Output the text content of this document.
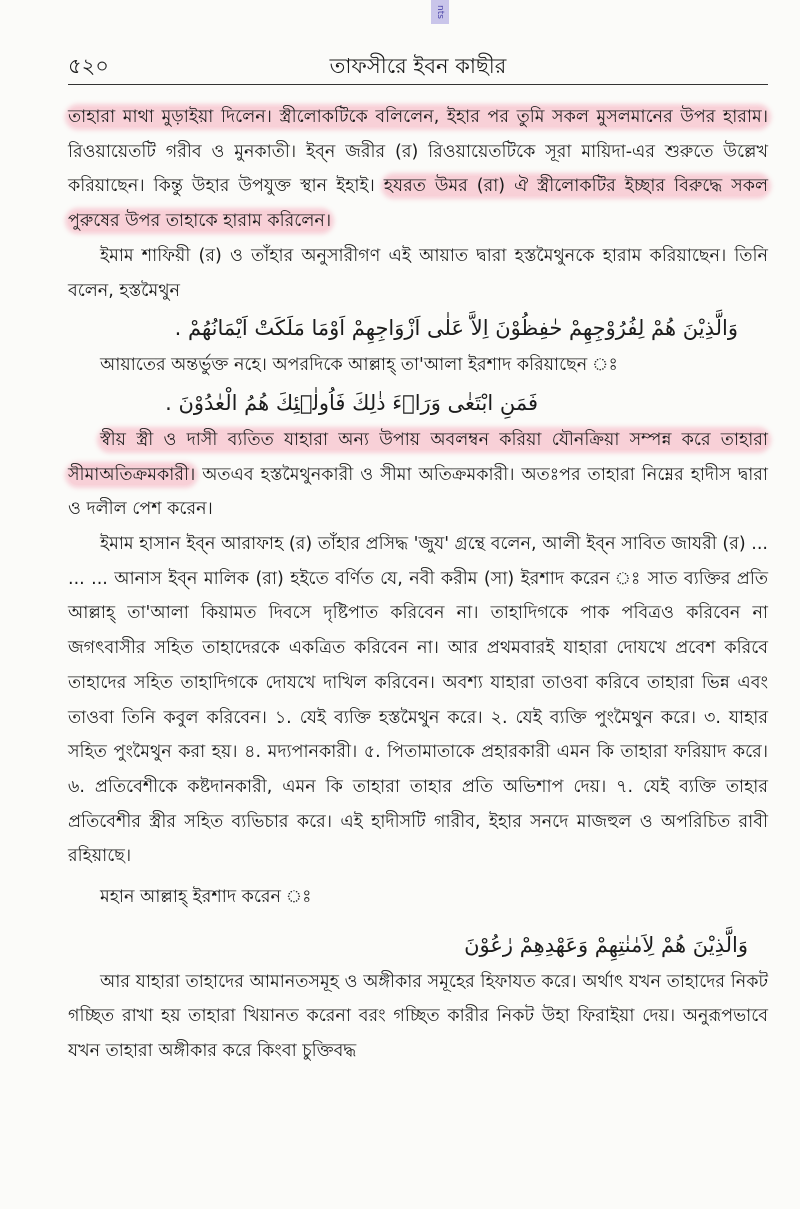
nts
৫২০	তাফসীরে ইবন কাছীর

তাহারা মাথা মুড়াইয়া দিলেন। স্ত্রীলোকটিকে বলিলেন, ইহার পর তুমি সকল মুসলমানের উপর হারাম। রিওয়ায়েতটি গরীব ও মুনকাতী। ইব্ন জরীর (র) রিওয়ায়েতটিকে সূরা মায়িদা-এর শুরুতে উল্লেখ করিয়াছেন। কিন্তু উহার উপযুক্ত স্থান ইহাই। হযরত উমর (রা) ঐ স্ত্রীলোকটির ইচ্ছার বিরুদ্ধে সকল পুরুষের উপর তাহাকে হারাম করিলেন।

ইমাম শাফিয়ী (র) ও তাঁহার অনুসারীগণ এই আয়াত দ্বারা হস্তমৈথুনকে হারাম করিয়াছেন। তিনি বলেন, হস্তমৈথুন

وَالَّذِيْنَ هُمْ لِفُرُوْجِهِمْ حٰفِظُوْنَ اِلاَّ عَلٰى اَزْوَاجِهِمْ اَوْمَا مَلَكَتْ اَيْمَانُهُمْ .

আয়াতের অন্তর্ভুক্ত নহে। অপরদিকে আল্লাহ্ তা'আলা ইরশাদ করিয়াছেন ঃ

فَمَنِ ابْتَغٰى وَرَاۤءَ ذٰلِكَ فَاُولٰۤئِكَ هُمُ الْعٰدُوْنَ .

স্বীয় স্ত্রী ও দাসী ব্যতিত যাহারা অন্য উপায় অবলম্বন করিয়া যৌনক্রিয়া সম্পন্ন করে তাহারা সীমাঅতিক্রমকারী। অতএব হস্তমৈথুনকারী ও সীমা অতিক্রমকারী। অতঃপর তাহারা নিম্নের হাদীস দ্বারা ও দলীল পেশ করেন।

ইমাম হাসান ইব্ন আরাফাহ (র) তাঁহার প্রসিদ্ধ 'জুয' গ্রন্থে বলেন, আলী ইব্ন সাবিত জাযরী (র) ... ... ... আনাস ইব্ন মালিক (রা) হইতে বর্ণিত যে, নবী করীম (সা) ইরশাদ করেন ঃ সাত ব্যক্তির প্রতি আল্লাহ্ তা'আলা কিয়ামত দিবসে দৃষ্টিপাত করিবেন না। তাহাদিগকে পাক পবিত্রও করিবেন না জগৎবাসীর সহিত তাহাদেরকে একত্রিত করিবেন না। আর প্রথমবারই যাহারা দোযখে প্রবেশ করিবে তাহাদের সহিত তাহাদিগকে দোযখে দাখিল করিবেন। অবশ্য যাহারা তাওবা করিবে তাহারা ভিন্ন এবং তাওবা তিনি কবুল করিবেন। ১. যেই ব্যক্তি হস্তমৈথুন করে। ২. যেই ব্যক্তি পুংমৈথুন করে। ৩. যাহার সহিত পুংমৈথুন করা হয়। ৪. মদ্যপানকারী। ৫. পিতামাতাকে প্রহারকারী এমন কি তাহারা ফরিয়াদ করে। ৬. প্রতিবেশীকে কষ্টদানকারী, এমন কি তাহারা তাহার প্রতি অভিশাপ দেয়। ৭. যেই ব্যক্তি তাহার প্রতিবেশীর স্ত্রীর সহিত ব্যভিচার করে। এই হাদীসটি গারীব, ইহার সনদে মাজহুল ও অপরিচিত রাবী রহিয়াছে।

মহান আল্লাহ্ ইরশাদ করেন ঃ
وَالَّذِيْنَ هُمْ لِاَمٰنٰتِهِمْ وَعَهْدِهِمْ رٰعُوْنَ

আর যাহারা তাহাদের আমানতসমূহ ও অঙ্গীকার সমূহের হিফাযত করে। অর্থাৎ যখন তাহাদের নিকট গচ্ছিত রাখা হয় তাহারা খিয়ানত করেনা বরং গচ্ছিত কারীর নিকট উহা ফিরাইয়া দেয়। অনুরূপভাবে যখন তাহারা অঙ্গীকার করে কিংবা চুক্তিবদ্ধ
